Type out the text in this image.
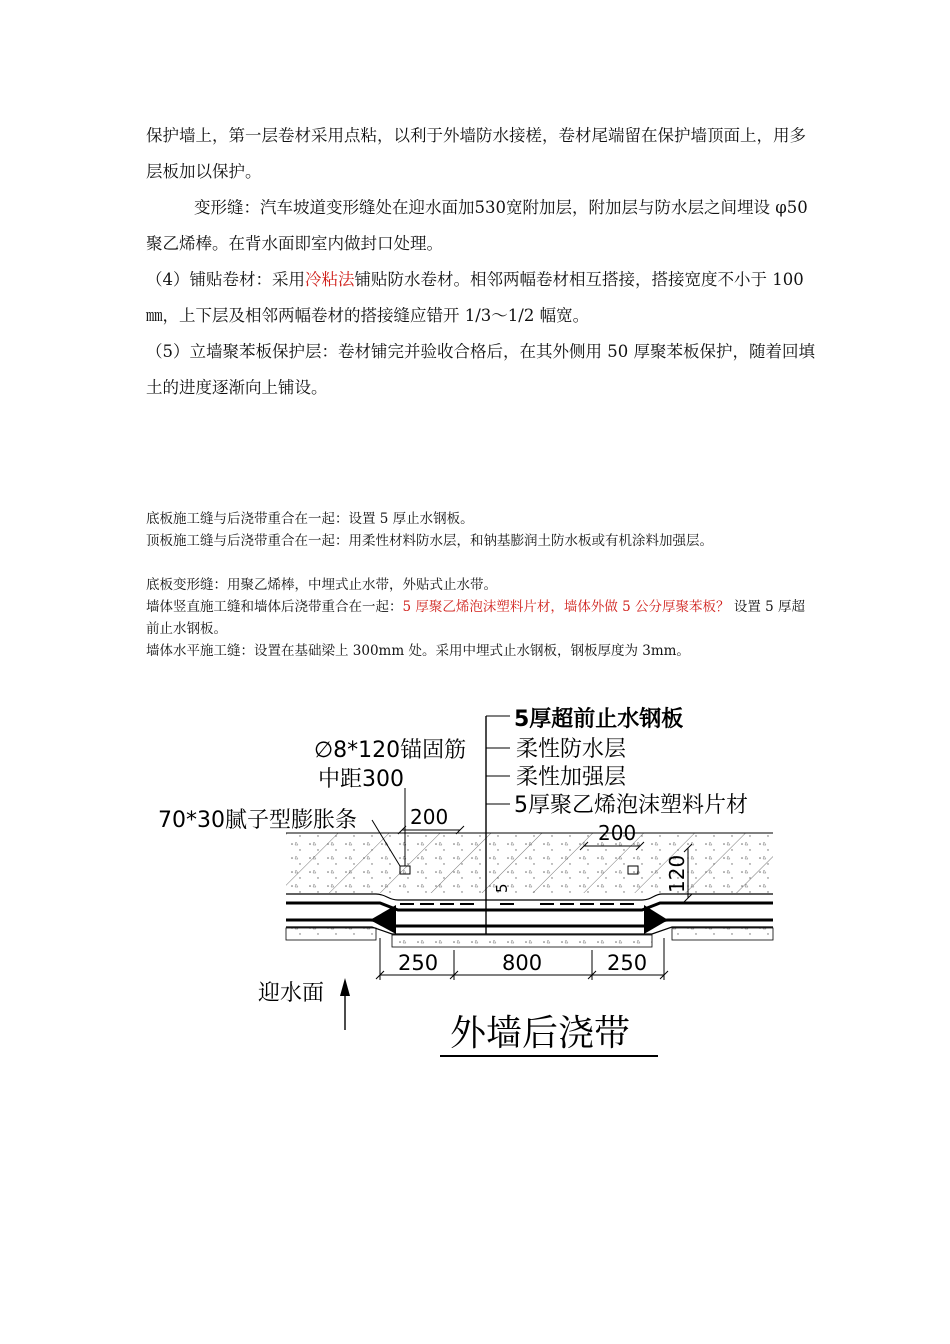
保护墙上，第一层卷材采用点粘，以利于外墙防水接槎，卷材尾端留在保护墙顶面上，用多层板加以保护。
变形缝：汽车坡道变形缝处在迎水面加530宽附加层，附加层与防水层之间埋设 φ50 聚乙烯棒。在背水面即室内做封口处理。
（4）铺贴卷材：采用冷粘法铺贴防水卷材。相邻两幅卷材相互搭接，搭接宽度不小于 100㎜，上下层及相邻两幅卷材的搭接缝应错开 1/3～1/2 幅宽。
（5）立墙聚苯板保护层：卷材铺完并验收合格后，在其外侧用 50 厚聚苯板保护，随着回填土的进度逐渐向上铺设。
底板施工缝与后浇带重合在一起：设置 5 厚止水钢板。
顶板施工缝与后浇带重合在一起：用柔性材料防水层，和钠基膨润土防水板或有机涂料加强层。
底板变形缝：用聚乙烯棒，中埋式止水带，外贴式止水带。
墙体竖直施工缝和墙体后浇带重合在一起：5 厚聚乙烯泡沫塑料片材，墙体外做 5 公分厚聚苯板？ 设置 5 厚超前止水钢板。
墙体水平施工缝：设置在基础梁上 300mm 处。采用中埋式止水钢板，钢板厚度为 3mm。
200
200
120
5
250	800	250
∅8*120锚固筋
中距300
70*30腻子型膨胀条
5厚超前止水钢板
柔性防水层
柔性加强层
5厚聚乙烯泡沫塑料片材
迎水面
外墙后浇带
